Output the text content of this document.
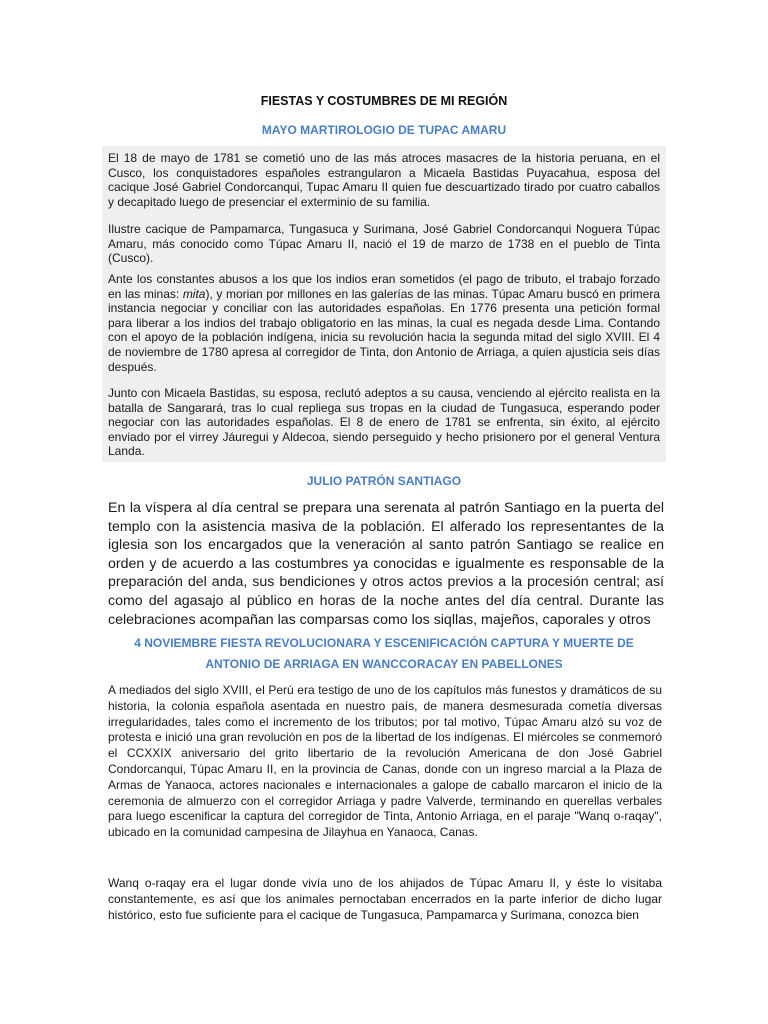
FIESTAS Y COSTUMBRES DE MI REGIÓN
MAYO MARTIROLOGIO DE TUPAC AMARU

El 18 de mayo de 1781 se cometió uno de las más atroces masacres de la historia peruana, en el Cusco, los conquistadores españoles estrangularon a Micaela Bastidas Puyacahua, esposa del cacique José Gabriel Condorcanqui, Tupac Amaru II quien fue descuartizado tirado por cuatro caballos y decapitado luego de presenciar el exterminio de su familia.

Ilustre cacique de Pampamarca, Tungasuca y Surimana, José Gabriel Condorcanqui Noguera Túpac Amaru, más conocido como Túpac Amaru II, nació el 19 de marzo de 1738 en el pueblo de Tinta (Cusco).

Ante los constantes abusos a los que los indios eran sometidos (el pago de tributo, el trabajo forzado en las minas: mita), y morian por millones en las galerías de las minas. Túpac Amaru buscó en primera instancia negociar y conciliar con las autoridades españolas. En 1776 presenta una petición formal para liberar a los indios del trabajo obligatorio en las minas, la cual es negada desde Lima. Contando con el apoyo de la población indígena, inicia su revolución hacia la segunda mitad del siglo XVIII. El 4 de noviembre de 1780 apresa al corregidor de Tinta, don Antonio de Arriaga, a quien ajusticia seis días después.

Junto con Micaela Bastidas, su esposa, reclutó adeptos a su causa, venciendo al ejército realista en la batalla de Sangarará, tras lo cual repliega sus tropas en la ciudad de Tungasuca, esperando poder negociar con las autoridades españolas. El 8 de enero de 1781 se enfrenta, sin éxito, al ejército enviado por el virrey Jáuregui y Aldecoa, siendo perseguido y hecho prisionero por el general Ventura Landa.

JULIO PATRÓN SANTIAGO

En la víspera al día central se prepara una serenata al patrón Santiago en la puerta del templo con la asistencia masiva de la población. El alferado los representantes de la iglesia son los encargados que la veneración al santo patrón Santiago se realice en orden y de acuerdo a las costumbres ya conocidas e igualmente es responsable de la preparación del anda, sus bendiciones y otros actos previos a la procesión central; así como del agasajo al público en horas de la noche antes del día central. Durante las celebraciones acompañan las comparsas como los siqllas, majeños, caporales y otros

4 NOVIEMBRE FIESTA REVOLUCIONARA Y ESCENIFICACIÓN CAPTURA Y MUERTE DE ANTONIO DE ARRIAGA EN WANCCORACAY EN PABELLONES

A mediados del siglo XVIII, el Perú era testigo de uno de los capítulos más funestos y dramáticos de su historia, la colonia española asentada en nuestro país, de manera desmesurada cometía diversas irregularidades, tales como el incremento de los tributos; por tal motivo, Túpac Amaru alzó su voz de protesta e inició una gran revolución en pos de la libertad de los indígenas. El miércoles se conmemoró el CCXXIX aniversario del grito libertario de la revolución Americana de don José Gabriel Condorcanqui, Túpac Amaru II, en la provincia de Canas, donde con un ingreso marcial a la Plaza de Armas de Yanaoca, actores nacionales e internacionales a galope de caballo marcaron el inicio de la ceremonia de almuerzo con el corregidor Arriaga y padre Valverde, terminando en querellas verbales para luego escenificar la captura del corregidor de Tinta, Antonio Arriaga, en el paraje "Wanq o-raqay", ubicado en la comunidad campesina de Jilayhua en Yanaoca, Canas.

Wanq o-raqay era el lugar donde vivía uno de los ahijados de Túpac Amaru II, y éste lo visitaba constantemente, es así que los animales pernoctaban encerrados en la parte inferior de dicho lugar histórico, esto fue suficiente para el cacique de Tungasuca, Pampamarca y Surimana, conozca bien
